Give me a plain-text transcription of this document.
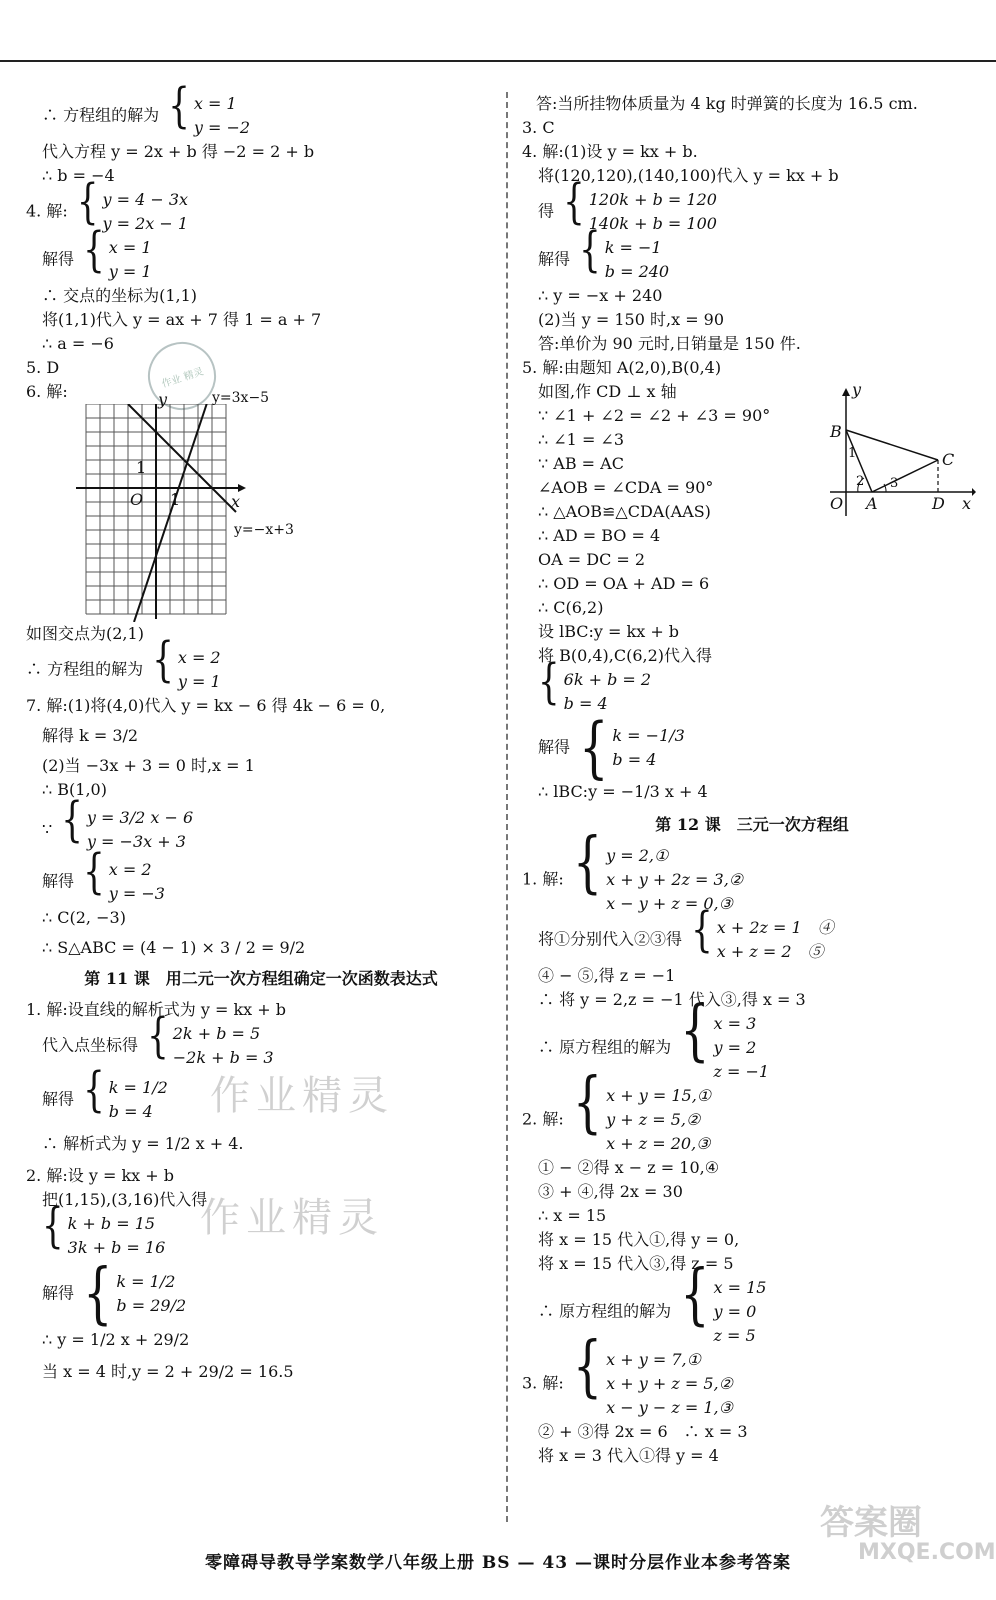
作业 精灵
∴ 方程组的解为 { x = 1
y = −2
代入方程 y = 2x + b 得 −2 = 2 + b
∴ b = −4
4. 解: { y = 4 − 3x
y = 2x − 1
解得 { x = 1
y = 1
∴ 交点的坐标为(1,1)
将(1,1)代入 y = ax + 7 得 1 = a + 7
∴ a = −6
5. D
6. 解:	y
x
O
1
1
y=3x−5
y=−x+3
如图交点为(2,1)
∴ 方程组的解为 { x = 2
y = 1
7. 解:(1)将(4,0)代入 y = kx − 6 得 4k − 6 = 0,
解得 k = 3/2
(2)当 −3x + 3 = 0 时,x = 1
∴ B(1,0)
∵ { y = 3/2 x − 6
y = −3x + 3
解得 { x = 2
y = −3
∴ C(2, −3)
∴ S△ABC = (4 − 1) × 3 / 2 = 9/2
第 11 课　用二元一次方程组确定一次函数表达式
1. 解:设直线的解析式为 y = kx + b
代入点坐标得 { 2k + b = 5
−2k + b = 3
解得 { k = 1/2
b = 4
∴ 解析式为 y = 1/2 x + 4.
2. 解:设 y = kx + b
把(1,15),(3,16)代入得
{ k + b = 15
3k + b = 16
解得 { k = 1/2
b = 29/2
∴ y = 1/2 x + 29/2
当 x = 4 时,y = 2 + 29/2 = 16.5
作业精灵
作业精灵
答:当所挂物体质量为 4 kg 时弹簧的长度为 16.5 cm.
3. C
4. 解:(1)设 y = kx + b.
将(120,120),(140,100)代入 y = kx + b
得 { 120k + b = 120
140k + b = 100
解得 { k = −1
b = 240
∴ y = −x + 240
(2)当 y = 150 时,x = 90
答:单价为 90 元时,日销量是 150 件.
5. 解:由题知 A(2,0),B(0,4)
如图,作 CD ⊥ x 轴
∵ ∠1 + ∠2 = ∠2 + ∠3 = 90°
∴ ∠1 = ∠3
∵ AB = AC
∠AOB = ∠CDA = 90°
∴ △AOB≌△CDA(AAS)
∴ AD = BO = 4
OA = DC = 2
∴ OD = OA + AD = 6
∴ C(6,2)
设 lBC:y = kx + b
将 B(0,4),C(6,2)代入得
{ 6k + b = 2
b = 4
解得 { k = −1/3
b = 4
∴ lBC:y = −1/3 x + 4
第 12 课　三元一次方程组
1. 解: { y = 2,①
x + y + 2z = 3,②
x − y + z = 0,③
将①分别代入②③得 { x + 2z = 1　④
x + z = 2　⑤
④ − ⑤,得 z = −1
∴ 将 y = 2,z = −1 代入③,得 x = 3
∴ 原方程组的解为 { x = 3
y = 2
z = −1
2. 解: { x + y = 15,①
y + z = 5,②
x + z = 20,③
① − ②得 x − z = 10,④
③ + ④,得 2x = 30
∴ x = 15
将 x = 15 代入①,得 y = 0,
将 x = 15 代入③,得 z = 5
∴ 原方程组的解为 { x = 15
y = 0
z = 5
3. 解: { x + y = 7,①
x + y + z = 5,②
x − y − z = 1,③
② + ③得 2x = 6　∴ x = 3
将 x = 3 代入①得 y = 4
y
x
B
C
O A	D
1
2 3
答案圈
MXQE.COM
零障碍导教导学案数学八年级上册 BS — 43 —课时分层作业本参考答案
